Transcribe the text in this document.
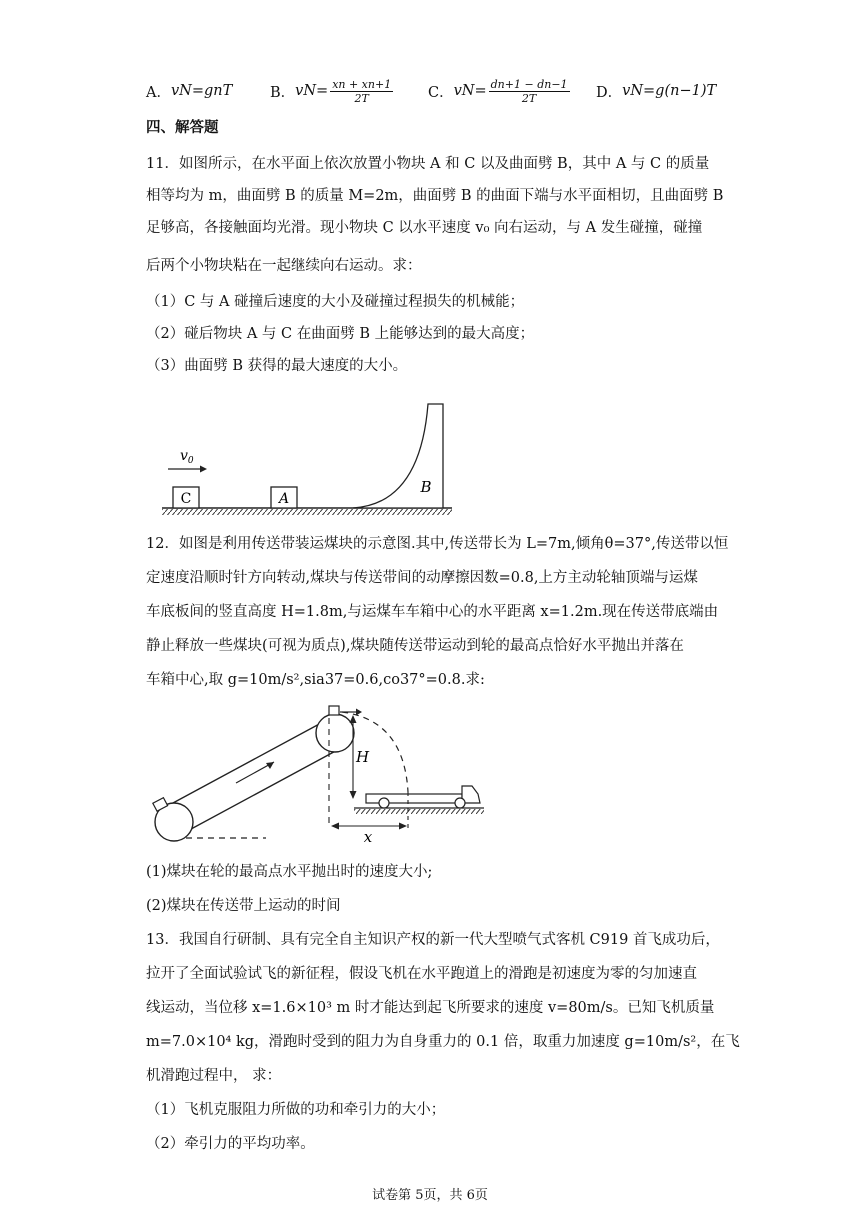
A． vN=gnT	B． $vN= \frac{xn + xn+1}{2T}$ C． $vN= \frac{dn+1 - dn-1}{2T}$ D． vN=g(n−1)T
四、解答题
11．如图所示，在水平面上依次放置小物块 A 和 C 以及曲面劈 B，其中 A 与 C 的质量
相等均为 m，曲面劈 B 的质量 M=2m，曲面劈 B 的曲面下端与水平面相切，且曲面劈 B
足够高，各接触面均光滑。现小物块 C 以水平速度 v₀ 向右运动，与 A 发生碰撞，碰撞
后两个小物块粘在一起继续向右运动。求：
（1）C 与 A 碰撞后速度的大小及碰撞过程损失的机械能；
（2）碰后物块 A 与 C 在曲面劈 B 上能够达到的最大高度；
（3）曲面劈 B 获得的最大速度的大小。
C
$v_0$
A
B
12．如图是利用传送带装运煤块的示意图.其中,传送带长为 L=7m,倾角θ=37°,传送带以恒
定速度沿顺时针方向转动,煤块与传送带间的动摩擦因数=0.8,上方主动轮轴顶端与运煤
车底板间的竖直高度 H=1.8m,与运煤车车箱中心的水平距离 x=1.2m.现在传送带底端由
静止释放一些煤块(可视为质点),煤块随传送带运动到轮的最高点恰好水平抛出并落在
车箱中心,取 g=10m/s²,sia37=0.6,co37°=0.8.求:
H
x
(1)煤块在轮的最高点水平抛出时的速度大小;
(2)煤块在传送带上运动的时间
13．我国自行研制、具有完全自主知识产权的新一代大型喷气式客机 C919 首飞成功后，
拉开了全面试验试飞的新征程，假设飞机在水平跑道上的滑跑是初速度为零的匀加速直
线运动，当位移 x=1.6×10³ m 时才能达到起飞所要求的速度 v=80m/s。已知飞机质量
m=7.0×10⁴ kg，滑跑时受到的阻力为自身重力的 0.1 倍，取重力加速度 g=10m/s²，在飞
机滑跑过程中， 求：
（1）飞机克服阻力所做的功和牵引力的大小；
（2）牵引力的平均功率。
试卷第 5页，共 6页
